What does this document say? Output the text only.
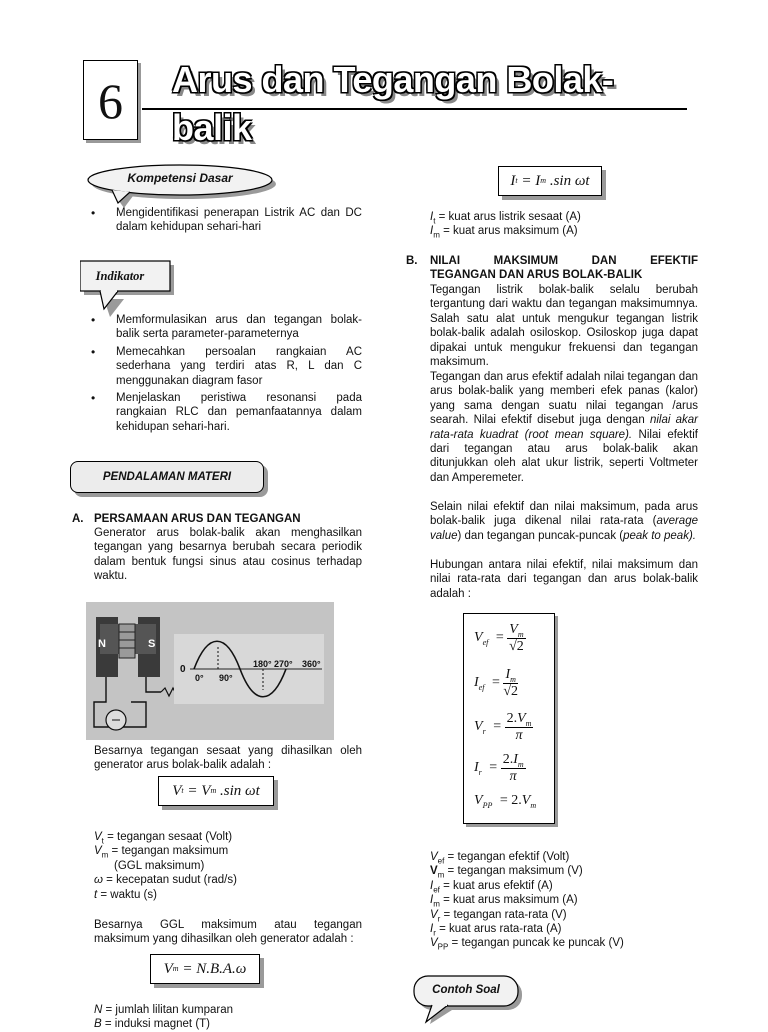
6	Arus dan Tegangan Bolak-balik
Kompetensi Dasar
• Mengidentifikasi penerapan Listrik AC dan DC dalam kehidupan sehari-hari
Indikator
• Memformulasikan arus dan tegangan bolak-balik serta parameter-parameternya
• Memecahkan persoalan rangkaian AC sederhana yang terdiri atas R, L dan C menggunakan diagram fasor
• Menjelaskan peristiwa resonansi pada rangkaian RLC dan pemanfaatannya dalam kehidupan sehari-hari.
PENDALAMAN MATERI
A. PERSAMAAN ARUS DAN TEGANGAN
Generator arus bolak-balik akan menghasilkan tegangan yang besarnya berubah secara periodik dalam bentuk fungsi sinus atau cosinus terhadap waktu.
N	S
0
0° 90°
180° 270° 360°
Besarnya tegangan sesaat yang dihasilkan oleh generator arus bolak-balik adalah :
V t = V m .sin ωt
$V_t$ = tegangan sesaat (Volt)
$V_m$ = tegangan maksimum
(GGL maksimum)
ω = kecepatan sudut (rad/s)
t = waktu (s)
Besarnya GGL maksimum atau tegangan maksimum yang dihasilkan oleh generator adalah :
V m = N.B.A.ω
N = jumlah lilitan kumparan
B = induksi magnet (T)
I t = I m .sin ωt
$I_t$ = kuat arus listrik sesaat (A)
$I_m$ = kuat arus maksimum (A)
B. NILAI MAKSIMUM DAN EFEKTIF
TEGANGAN DAN ARUS BOLAK-BALIK
Tegangan listrik bolak-balik selalu berubah tergantung dari waktu dan tegangan maksimumnya. Salah satu alat untuk mengukur tegangan listrik bolak-balik adalah osiloskop. Osiloskop juga dapat dipakai untuk mengukur frekuensi dan tegangan maksimum.
Tegangan dan arus efektif adalah nilai tegangan dan arus bolak-balik yang memberi efek panas (kalor) yang sama dengan suatu nilai tegangan /arus searah. Nilai efektif disebut juga dengan nilai akar rata-rata kuadrat (root mean square). Nilai efektif dari tegangan atau arus bolak-balik akan ditunjukkan oleh alat ukur listrik, seperti Voltmeter dan Amperemeter.
Selain nilai efektif dan nilai maksimum, pada arus bolak-balik juga dikenal nilai rata-rata (average value) dan tegangan puncak-puncak (peak to peak).
Hubungan antara nilai efektif, nilai maksimum dan nilai rata-rata dari tegangan dan arus bolak-balik adalah :
$V_{ef} = \frac{V_m}{√2}$
$I_{ef} = \frac{I_m}{√2}$
$V_r = \frac{2.V_m}{\pi}$
$I_r = \frac{2.I_m}{\pi}$
$V_{PP} = 2.V_m$
$V_{ef}$ = tegangan efektif (Volt)
$V_m$ = tegangan maksimum (V)
$I_{ef}$ = kuat arus efektif (A)
$I_m$ = kuat arus maksimum (A)
$V_r$ = tegangan rata-rata (V)
$I_r$ = kuat arus rata-rata (A)
$V_{PP}$ = tegangan puncak ke puncak (V)
Contoh Soal
